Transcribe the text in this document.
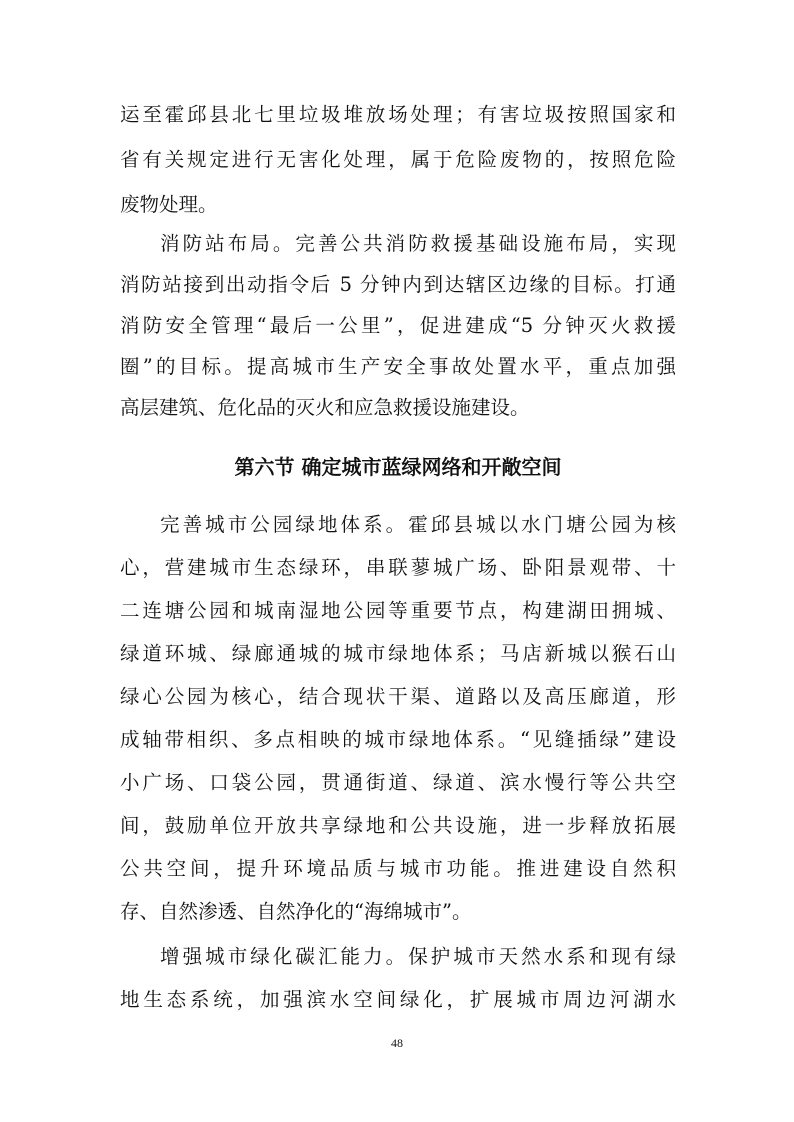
运至霍邱县北七里垃圾堆放场处理；有害垃圾按照国家和
省有关规定进行无害化处理，属于危险废物的，按照危险
废物处理。
消防站布局。完善公共消防救援基础设施布局，实现
消防站接到出动指令后 5 分钟内到达辖区边缘的目标。打通
消防安全管理“最后一公里”，促进建成“5 分钟灭火救援
圈”的目标。提高城市生产安全事故处置水平，重点加强
高层建筑、危化品的灭火和应急救援设施建设。
第六节 确定城市蓝绿网络和开敞空间
完善城市公园绿地体系。霍邱县城以水门塘公园为核
心，营建城市生态绿环，串联蓼城广场、卧阳景观带、十
二连塘公园和城南湿地公园等重要节点，构建湖田拥城、
绿道环城、绿廊通城的城市绿地体系；马店新城以猴石山
绿心公园为核心，结合现状干渠、道路以及高压廊道，形
成轴带相织、多点相映的城市绿地体系。“见缝插绿”建设
小广场、口袋公园，贯通街道、绿道、滨水慢行等公共空
间，鼓励单位开放共享绿地和公共设施，进一步释放拓展
公共空间，提升环境品质与城市功能。推进建设自然积
存、自然渗透、自然净化的“海绵城市”。
增强城市绿化碳汇能力。保护城市天然水系和现有绿
地生态系统，加强滨水空间绿化，扩展城市周边河湖水
48
